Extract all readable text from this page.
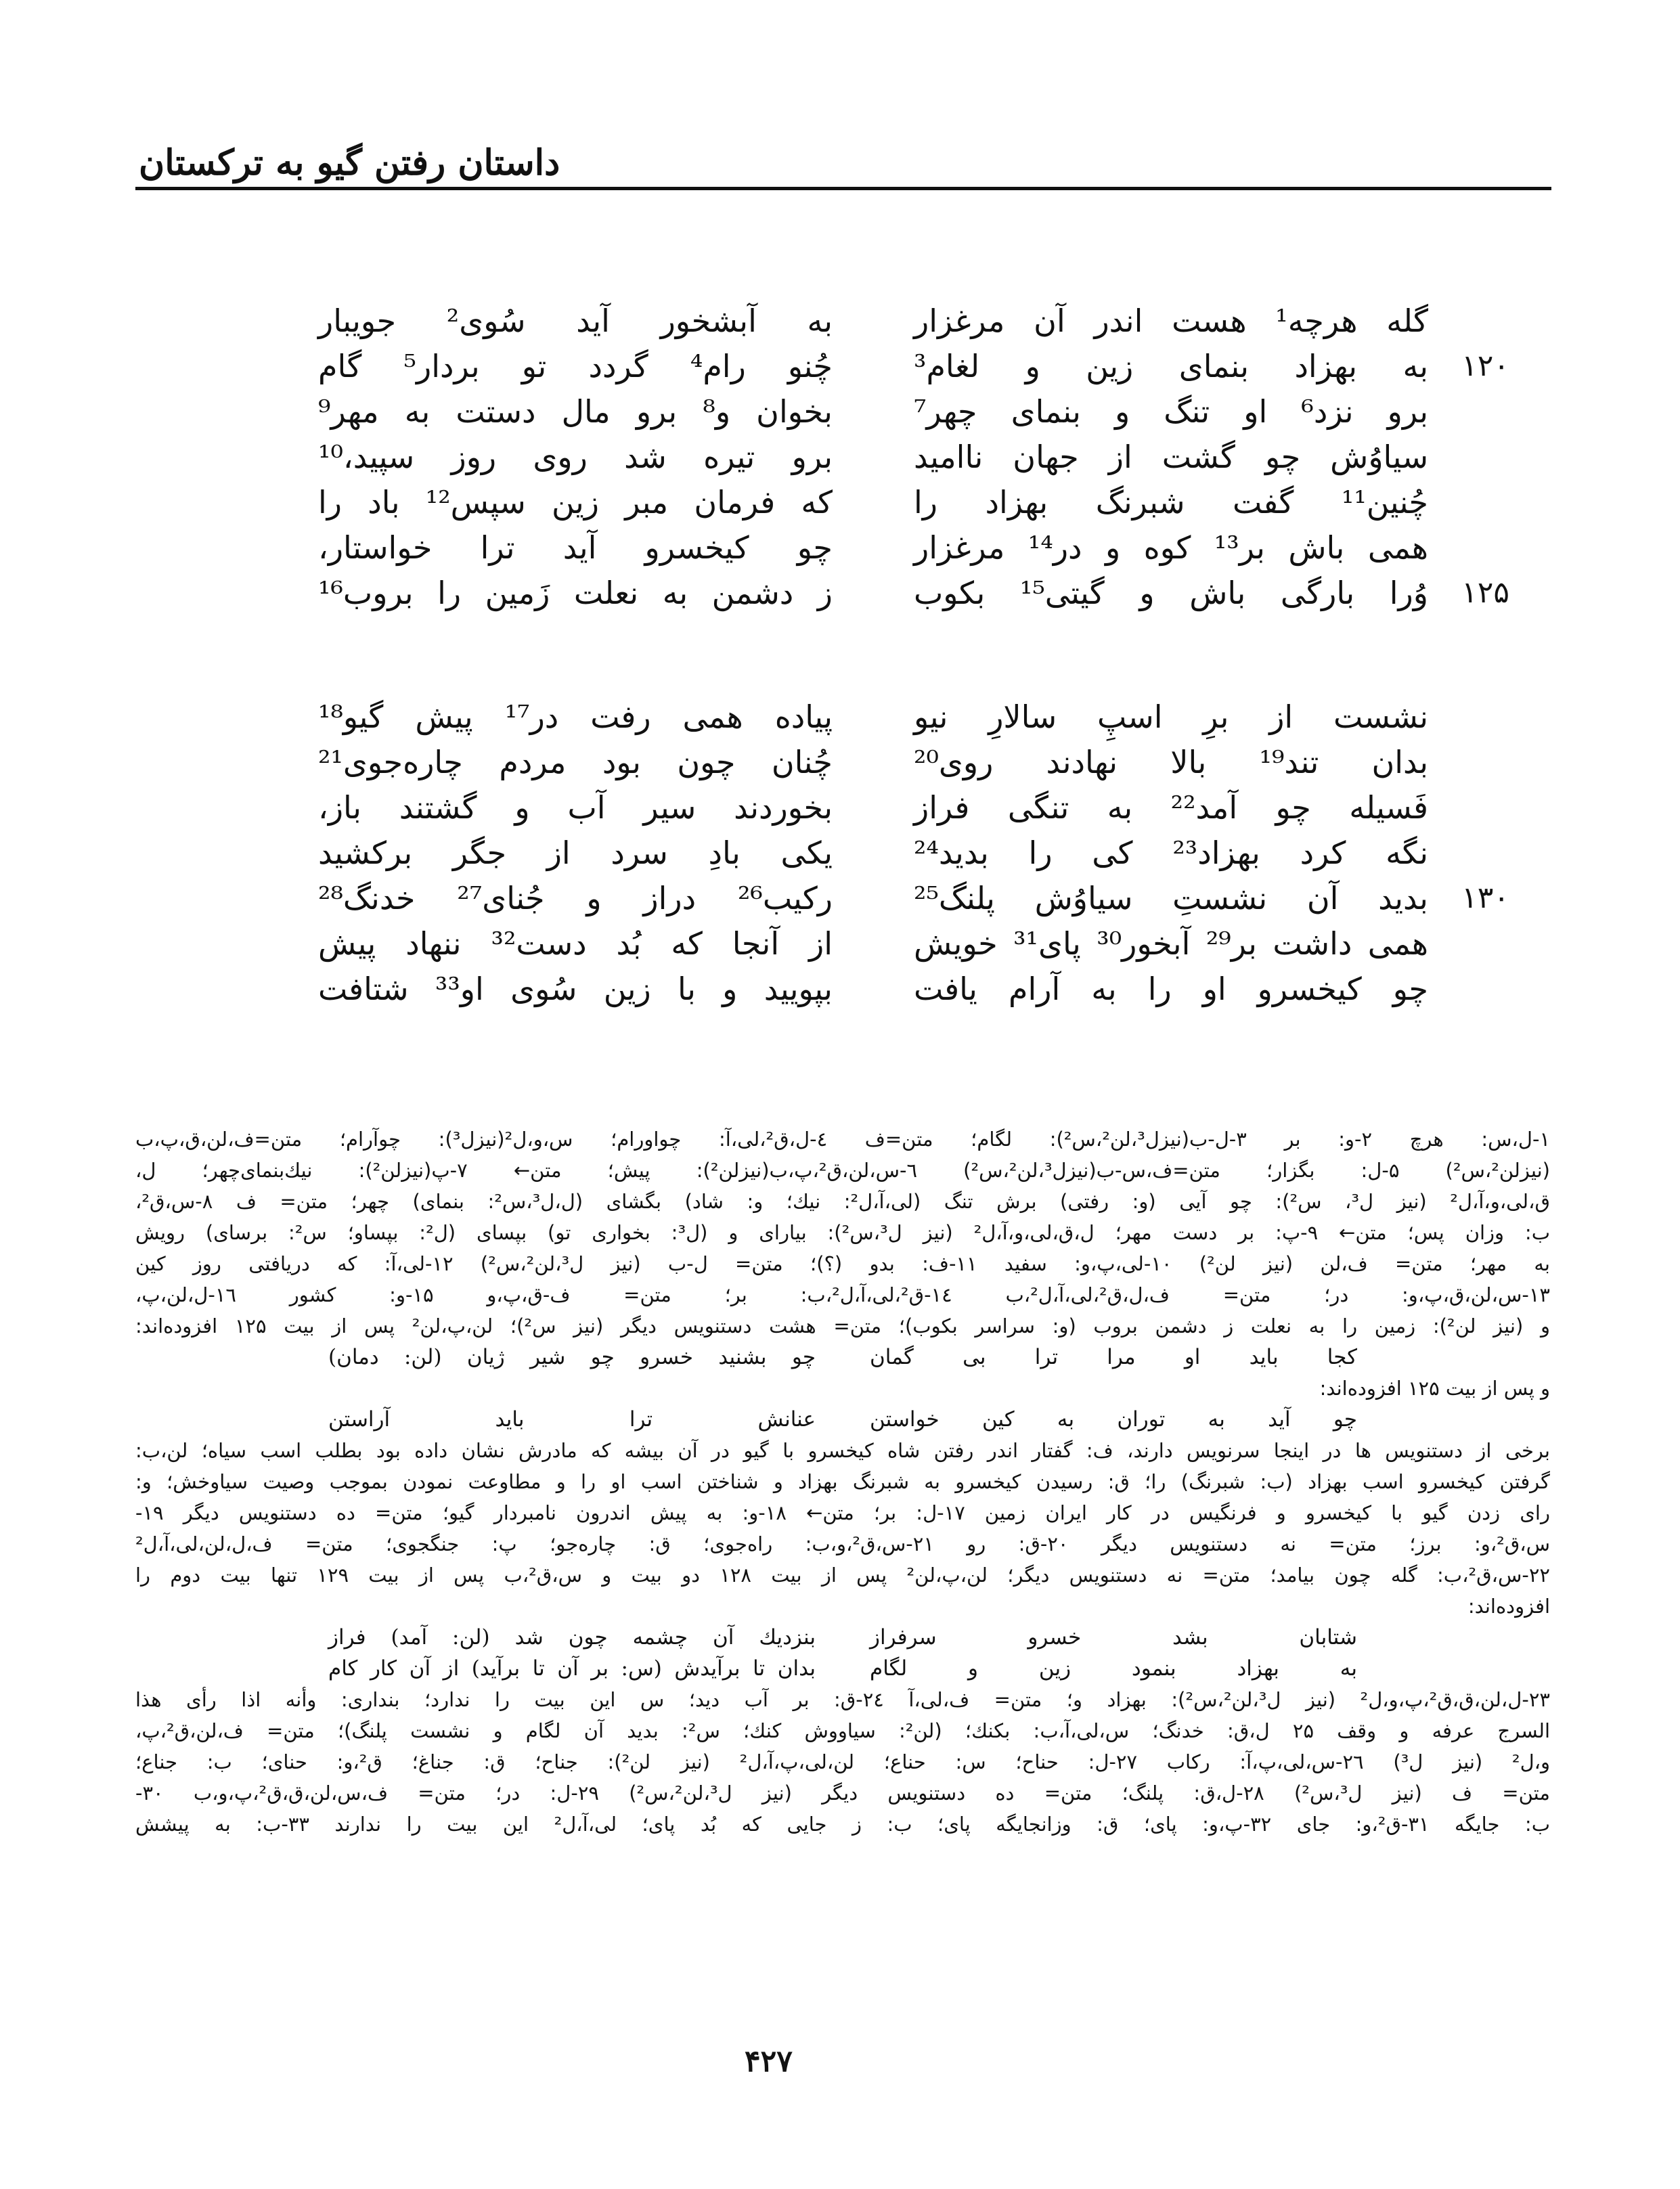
داستان رفتن گیو به ترکستان
گله هرچه¹ هست اندر آن مرغزار
به آبشخور آید سُوی² جویبار
۱۲۰
به بهزاد بنمای زین و لغام³
چُنو رام⁴ گردد تو بردار⁵ گام
برو نزد⁶ او تنگ و بنمای چهر⁷
بخوان و⁸ برو مال دستت به مهر⁹
سیاوُش چو گشت از جهان ناامید
برو تیره شد روی روز سپید،¹⁰
چُنین¹¹ گفت شبرنگ بهزاد را
که فرمان مبر زین سپس¹² باد را
همی باش بر¹³ کوه و در¹⁴ مرغزار
چو کیخسرو آید ترا خواستار،
۱۲۵
وُرا بارگی باش و گیتی¹⁵ بکوب
ز دشمن به نعلت زَمین را بروب¹⁶
نشست از برِ اسپِ سالارِ نیو
پیاده همی رفت در¹⁷ پیش گیو¹⁸
بدان تند¹⁹ بالا نهادند روی²⁰
چُنان چون بود مردم چاره‌جوی²¹
فَسیله چو آمد²² به تنگی فراز
بخوردند سیر آب و گشتند باز،
نگه کرد بهزاد²³ کی را بدید²⁴
یکی بادِ سرد از جگر برکشید
۱۳۰
بدید آن نشستِ سیاوُش پلنگ²⁵
رکیب²⁶ دراز و جُنای²⁷ خدنگ²⁸
همی داشت بر²⁹ آبخور³⁰ پای³¹ خویش
از آنجا که بُد دست³² ننهاد پیش
چو کیخسرو او را به آرام یافت
بپویید و با زین سُوی او³³ شتافت
۱-ل،س: هرچ ۲-و: بر ۳-ل-ب(نیزل³،لن²،س²): لگام؛ متن=ف ٤-ل،ق²،لی،آ: چواورام؛ س،و،ل²(نیزل³): چوآرام؛ متن=ف،لن،ق،پ،ب
(نیزلن²،س²) ۵-ل: بگزار؛ متن=ف،س-ب(نیزل³،لن²،س²) ٦-س،لن،ق²،پ،ب(نیزلن²): پیش؛ متن← ۷-پ(نیزلن²): نیك‌بنمای‌چهر؛ ل،
ق،لی،و،آ،ل² (نیز ل³، س²): چو آیی (و: رفتی) برش تنگ (لی،آ،ل²: نیك؛ و: شاد) بگشای (ل،ل³،س²: بنمای) چهر؛ متن= ف ۸-س،ق²،
ب: وزان پس؛ متن← ۹-پ: بر دست مهر؛ ل،ق،لی،و،آ،ل² (نیز ل³،س²): بیارای و (ل³: بخواری تو) بپسای (ل²: بپساو؛ س²: برسای) رویش
به مهر؛ متن= ف،لن (نیز لن²) ۱۰-لی،پ،و: سفید ۱۱-ف: بدو (؟)؛ متن= ل-ب (نیز ل³،لن²،س²) ۱۲-لی،آ: که دریافتی روز کین
۱۳-س،لن،ق،پ،و: در؛ متن= ف،ل،ق²،لی،آ،ل²،ب ۱٤-ق²،لی،آ،ل²،ب: بر؛ متن= ف-ق،پ،و ۱۵-و: کشور ۱٦-ل،لن،پ،
و (نیز لن²): زمین را به نعلت ز دشمن بروب (و: سراسر بکوب)؛ متن= هشت دستنویس دیگر (نیز س²)؛ لن،پ،لن² پس از بیت ۱۲۵ افزوده‌اند:
کجا باید او مرا ترا بی گمانچو بشنید خسرو چو شیر ژیان (لن: دمان)
و پس از بیت ۱۲۵ افزوده‌اند:
چو آید به توران به کین خواستنعنانش ترا باید آراستن
برخی از دستنویس ها در اینجا سرنویس دارند، ف: گفتار اندر رفتن شاه کیخسرو با گیو در آن بیشه که مادرش نشان داده بود بطلب اسب سیاه؛ لن،ب:
گرفتن کیخسرو اسب بهزاد (ب: شبرنگ) را؛ ق: رسیدن کیخسرو به شبرنگ بهزاد و شناختن اسب او را و مطاوعت نمودن بموجب وصیت سیاوخش؛ و:
رای زدن گیو با کیخسرو و فرنگیس در کار ایران زمین ۱۷-ل: بر؛ متن← ۱۸-و: به پیش اندرون نامبردار گیو؛ متن= ده دستنویس دیگر ۱۹-
س،ق²،و: برز؛ متن= نه دستنویس دیگر ۲۰-ق: رو ۲۱-س،ق²،و،ب: راه‌جوی؛ ق: چاره‌جو؛ پ: جنگجوی؛ متن= ف،ل،لن،لی،آ،ل²
۲۲-س،ق²،ب: گله چون بیامد؛ متن= نه دستنویس دیگر؛ لن،پ،لن² پس از بیت ۱۲۸ دو بیت و س،ق²،ب پس از بیت ۱۲۹ تنها بیت دوم را
افزوده‌اند:
شتابان بشد خسرو سرفرازبنزدیك آن چشمه چون شد (لن: آمد) فراز
به بهزاد بنمود زین و لگامبدان تا برآیدش (س: بر آن تا برآید) از آن کار کام
۲۳-ل،لن،ق،ق²،پ،و،ل² (نیز ل³،لن²،س²): بهزاد و؛ متن= ف،لی،آ ۲٤-ق: بر آب دید؛ س این بیت را ندارد؛ بنداری: وأنه اذا رأى هذا
السرج عرفه و وقف ۲۵ ل،ق: خدنگ؛ س،لی،آ،ب: بکنك؛ (لن²: سیاووش کنك؛ س²: بدید آن لگام و نشست پلنگ)؛ متن= ف،لن،ق²،پ،
و،ل² (نیز ل³) ۲٦-س،لی،پ،آ: رکاب ۲۷-ل: حناح؛ س: حناع؛ لن،لی،پ،آ،ل² (نیز لن²): جناح؛ ق: جناغ؛ ق²،و: حنای؛ ب: جناع؛
متن= ف (نیز ل³،س²) ۲۸-ل،ق: پلنگ؛ متن= ده دستنویس دیگر (نیز ل³،لن²،س²) ۲۹-ل: در؛ متن= ف،س،لن،ق،ق²،پ،و،ب ۳۰-
ب: جایگه ۳۱-ق²،و: جای ۳۲-پ،و: پای؛ ق: وزانجایگه پای؛ ب: ز جایی که بُد پای؛ لی،آ،ل² این بیت را ندارند ۳۳-ب: به پیشش
۴۲۷
